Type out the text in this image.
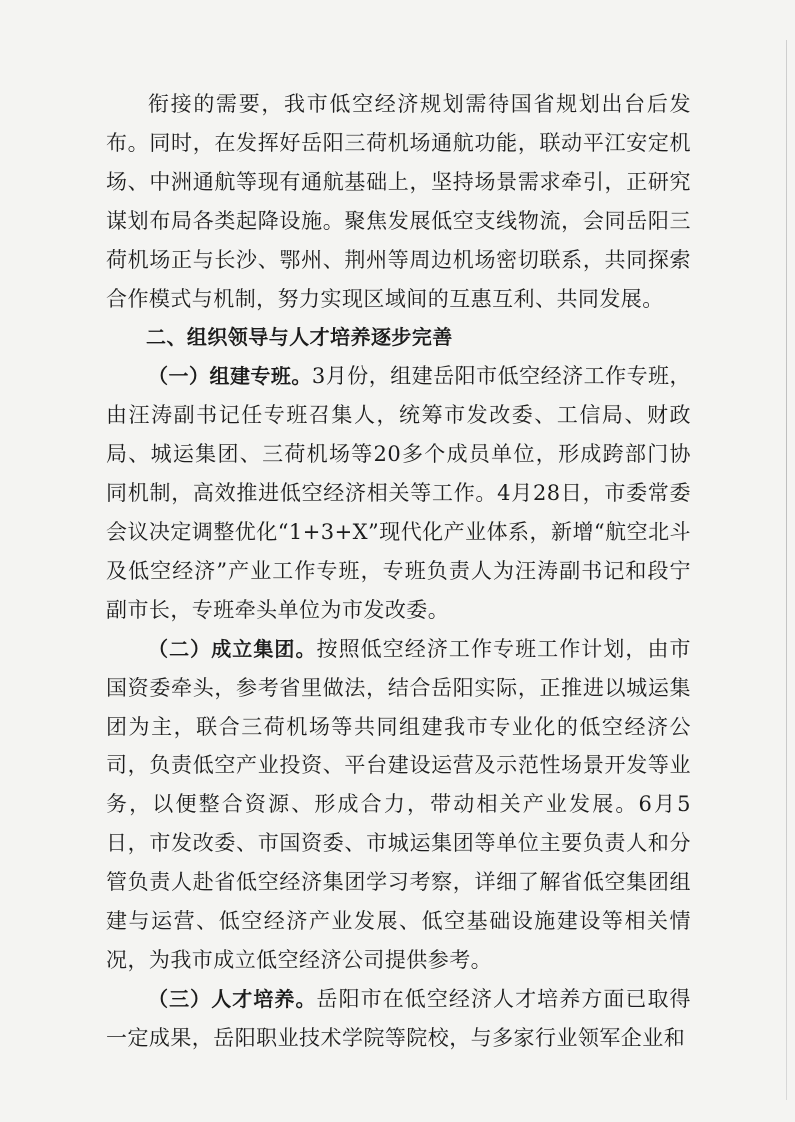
衔接的需要，我市低空经济规划需待国省规划出台后发布。同时，在发挥好岳阳三荷机场通航功能，联动平江安定机场、中洲通航等现有通航基础上，坚持场景需求牵引，正研究谋划布局各类起降设施。聚焦发展低空支线物流，会同岳阳三荷机场正与长沙、鄂州、荆州等周边机场密切联系，共同探索合作模式与机制，努力实现区域间的互惠互利、共同发展。

二、组织领导与人才培养逐步完善

（一）组建专班。3月份，组建岳阳市低空经济工作专班，由汪涛副书记任专班召集人，统筹市发改委、工信局、财政局、城运集团、三荷机场等20多个成员单位，形成跨部门协同机制，高效推进低空经济相关等工作。4月28日，市委常委会议决定调整优化“1+3+X”现代化产业体系，新增“航空北斗及低空经济”产业工作专班，专班负责人为汪涛副书记和段宁副市长，专班牵头单位为市发改委。

（二）成立集团。按照低空经济工作专班工作计划，由市国资委牵头，参考省里做法，结合岳阳实际，正推进以城运集团为主，联合三荷机场等共同组建我市专业化的低空经济公司，负责低空产业投资、平台建设运营及示范性场景开发等业务，以便整合资源、形成合力，带动相关产业发展。6月5日，市发改委、市国资委、市城运集团等单位主要负责人和分管负责人赴省低空经济集团学习考察，详细了解省低空集团组建与运营、低空经济产业发展、低空基础设施建设等相关情况，为我市成立低空经济公司提供参考。

（三）人才培养。岳阳市在低空经济人才培养方面已取得一定成果，岳阳职业技术学院等院校，与多家行业领军企业和
